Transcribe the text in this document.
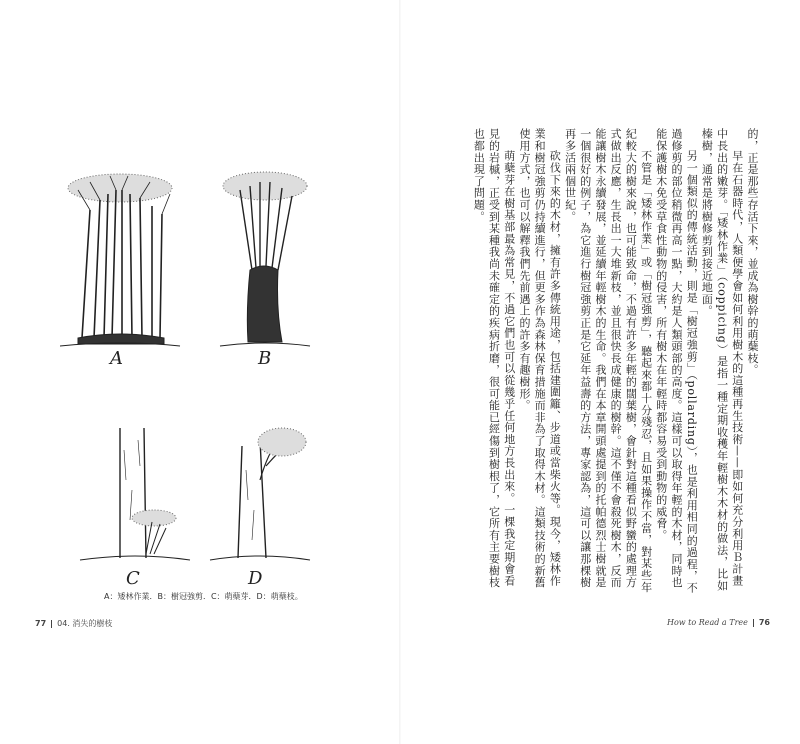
A	B
C	D
A：矮林作業．B：樹冠強剪．C：萌蘖芽．D：萌蘖枝。
77 04. 消失的樹枝

的，正是那些存活下來，並成為樹幹的萌蘖枝。

早在石器時代，人類便學會如何利用樹木的這種再生技術——即如何充分利用Ｂ計畫中長出的嫩芽。「矮林作業」（coppicing）是指一種定期收穫年輕樹木木材的做法，比如榛樹，通常是將樹修剪到接近地面。

另一個類似的傳統活動，則是「樹冠強剪」（pollarding），也是利用相同的過程，不過修剪的部位稍微再高一點，大約是人類頭部的高度。這樣可以取得年輕的木材，同時也能保護樹木免受草食性動物的侵害，所有樹木在年輕時都容易受到動物的威脅。

不管是「矮林作業」或「樹冠強剪」，聽起來都十分殘忍，且如果操作不當，對某些年紀較大的樹來說，也可能致命，不過有許多年輕的闊葉樹，會針對這種看似野蠻的處理方式做出反應，生長出一大堆新枝，並且很快長成健康的樹幹。這不僅不會殺死樹木，反而能讓樹木永續發展，並延續年輕樹木的生命。我們在本章開頭處提到的托帕德烈士樹就是一個很好的例子，為它進行樹冠強剪正是它延年益壽的方法，專家認為，這可以讓那棵樹再多活兩個世紀。

砍伐下來的木材，擁有許多傳統用途，包括建圍籬、步道或當柴火等。現今，矮林作業和樹冠強剪仍持續進行，但更多作為森林保育措施而非為了取得木材。這類技術的新舊使用方式，也可以解釋我們先前遇上的許多有趣樹形。

萌蘖芽在樹基部最為常見，不過它們也可以從幾乎任何地方長出來。一棵我定期會看見的岩槭，正受到某種我尚未確定的疾病折磨，很可能已經傷到樹根了，它所有主要樹枝也都出現了問題。

How to Read a Tree 76
